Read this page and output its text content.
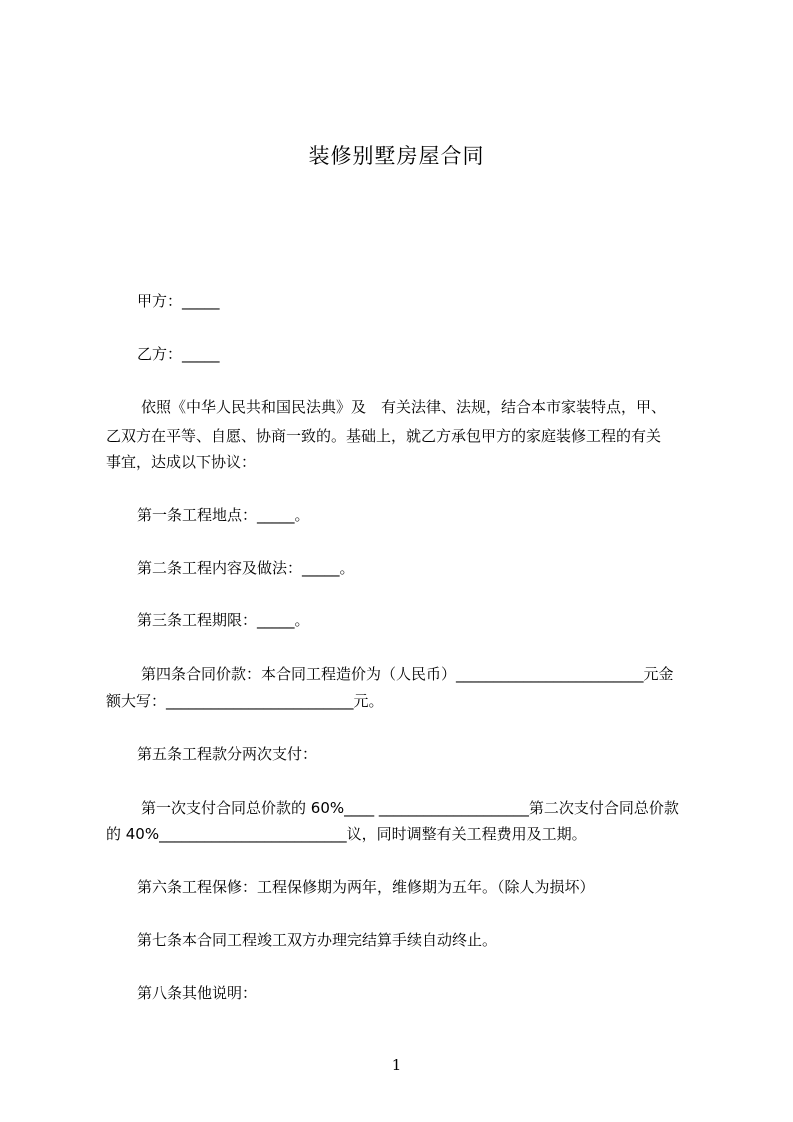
装修别墅房屋合同

甲方：_____

乙方：_____

依照《中华人民共和国民法典》及　有关法律、法规，结合本市家装特点，甲、

乙双方在平等、自愿、协商一致的。基础上，就乙方承包甲方的家庭装修工程的有关

事宜，达成以下协议：

第一条工程地点：_____。

第二条工程内容及做法：_____。

第三条工程期限：_____。

第四条合同价款：本合同工程造价为（人民币）_________________________元金

额大写：_________________________元。

第五条工程款分两次支付：

第一次支付合同总价款的 60%____ ____________________第二次支付合同总价款

的 40%_________________________议，同时调整有关工程费用及工期。

第六条工程保修：工程保修期为两年，维修期为五年。（除人为损坏）

第七条本合同工程竣工双方办理完结算手续自动终止。

第八条其他说明：

1
